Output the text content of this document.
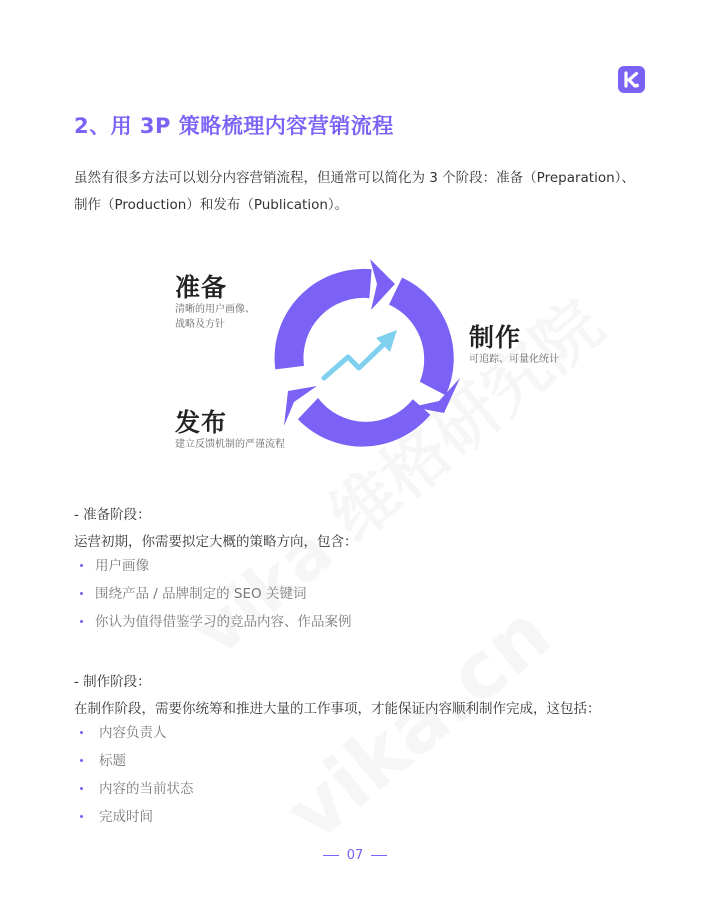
2、用 3P 策略梳理内容营销流程

虽然有很多方法可以划分内容营销流程，但通常可以简化为 3 个阶段：准备（Preparation）、制作（Production）和发布（Publication）。

准备

清晰的用户画像、

战略及方针	制作

可追踪、可量化统计

发布

建立反馈机制的严谨流程

- 准备阶段：

运营初期，你需要拟定大概的策略方向，包含：

用户画像
围绕产品 / 品牌制定的 SEO 关键词
你认为值得借鉴学习的竞品内容、作品案例

- 制作阶段：

在制作阶段，需要你统筹和推进大量的工作事项，才能保证内容顺利制作完成，这包括：

内容负责人
标题
内容的当前状态
完成时间
07
